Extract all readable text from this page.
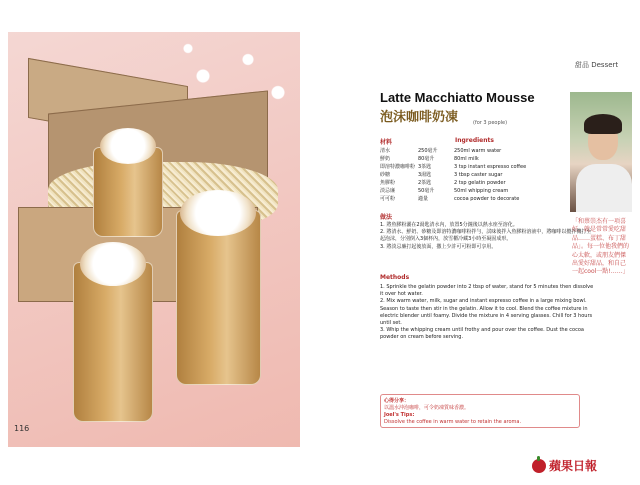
116
甜品 Dessert
Latte Macchiatto Mousse
泡沫咖啡奶凍	(for 3 people)
材料	Ingredients
清水	250毫升	250ml warm water
鮮奶	80毫升	80ml milk
即溶特濃咖啡粉 3茶匙	3 tsp instant espresso coffee
砂糖	3湯匙	3 tbsp caster sugar
魚膠粉	2茶匙	2 tsp gelatin powder
淡忌廉	50毫升	50ml whipping cream
可可粉	適量	cocoa powder to decorate
做法
1. 將魚膠粉灑在2湯匙清水內，放置5分鐘後以熱水座至溶化。
2. 將清水、鮮奶、砂糖及即溶特濃咖啡粉拌勻，試味後拌入魚膠粉溶液中，將咖啡以攪拌機打至起泡沫，分別倒入3個杯內，放雪櫃冷藏3小時至凝固成形。
3. 將淡忌廉打起後放面，撒上少許可可粉即可享用。
Methods
1. Sprinkle the gelatin powder into 2 tbsp of water, stand for 5 minutes then dissolve it over hot water.
2. Mix warm water, milk, sugar and instant espresso coffee in a large mixing bowl. Season to taste then stir in the gelatin. Allow it to cool. Blend the coffee mixture in electric blender until foamy. Divide the mixture in 4 serving glasses. Chill for 3 hours until set.
3. Whip the whipping cream until frothy and pour over the coffee. Dust the cocoa powder on cream before serving.
心得分享：
以溫水沖泡咖啡，可令奶凍質味香濃。
Joel's Tips:
Dissolve the coffee in warm water to retain the aroma.
「和蔡崇杰有一項喜好，就是常常愛吃甜品……蛋糕、布丁甜品」。每一位他我們的心太軟，或朋友們傑出愛好甜品，和自己一起cool一點!……」
蘋果日報
